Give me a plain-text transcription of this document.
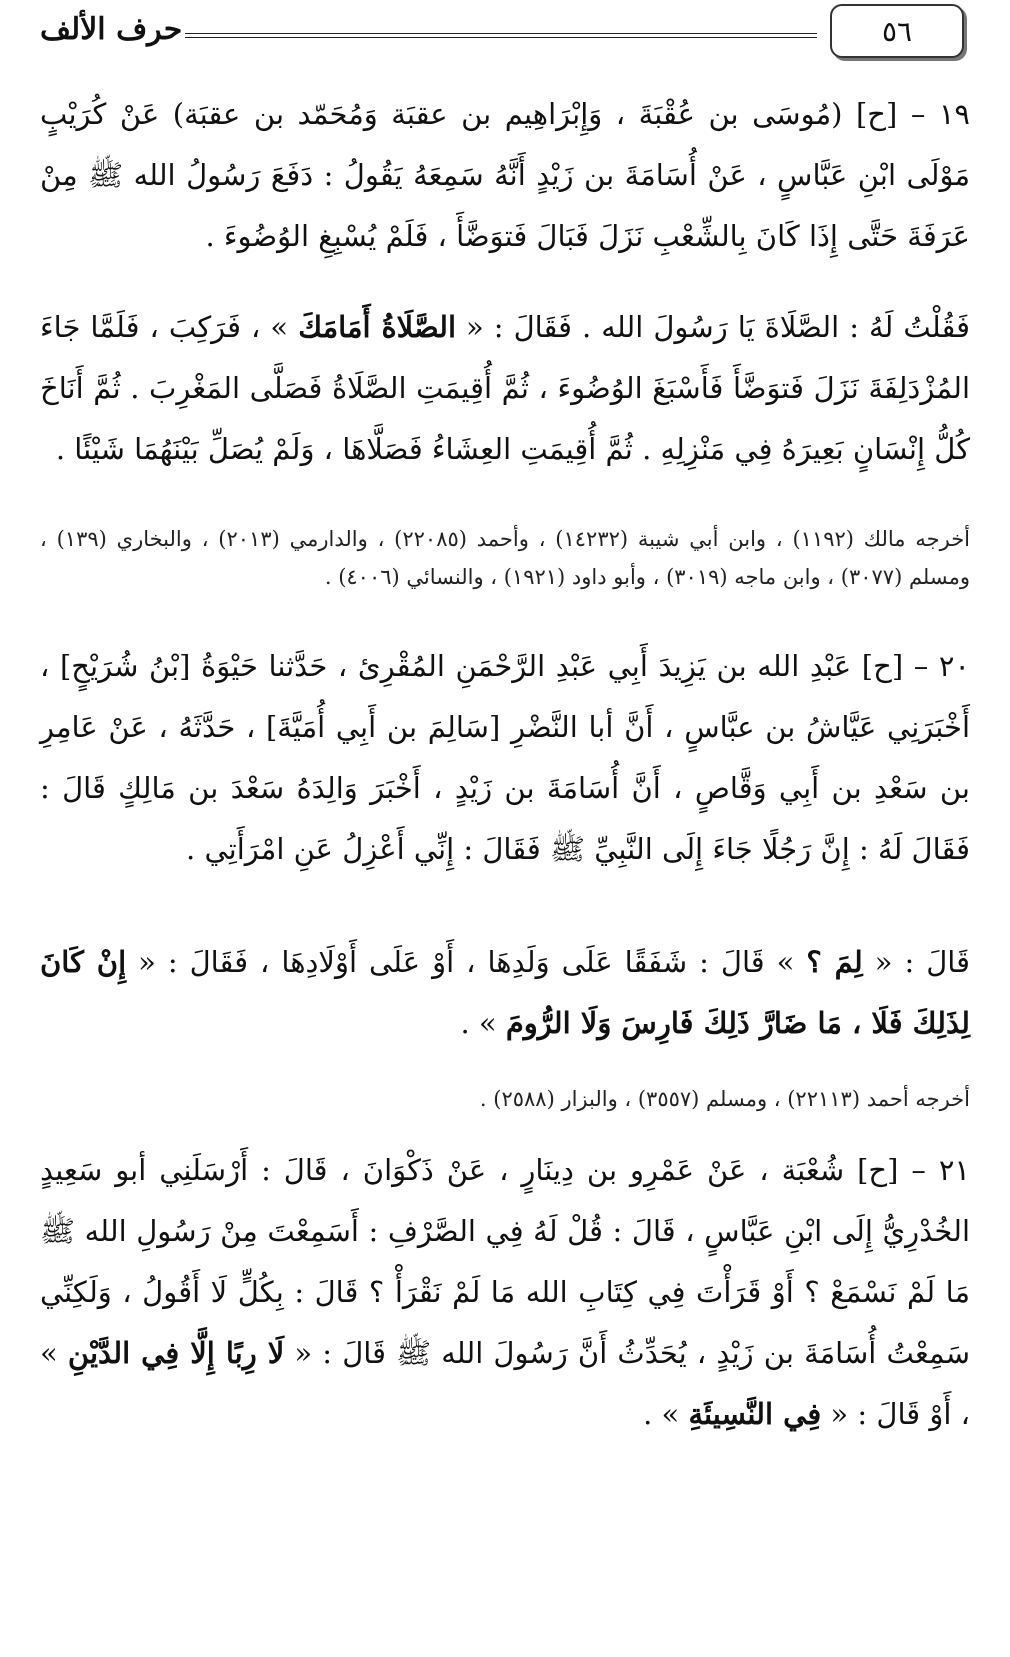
٥٦
حرف الألف
١٩ – [ح] (مُوسَى بن عُقْبَةَ ، وَإِبْرَاهِيم بن عقبَة وَمُحَمّد بن عقبَة) عَنْ كُرَيْبٍ مَوْلَى ابْنِ عَبَّاسٍ ، عَنْ أُسَامَةَ بن زَيْدٍ أَنَّهُ سَمِعَهُ يَقُولُ : دَفَعَ رَسُولُ الله ﷺ مِنْ عَرَفَةَ حَتَّى إِذَا كَانَ بِالشِّعْبِ نَزَلَ فَبَالَ فَتوَضَّأَ ، فَلَمْ يُسْبِغِ الوُضُوءَ .
فَقُلْتُ لَهُ : الصَّلَاةَ يَا رَسُولَ الله . فَقَالَ : « الصَّلَاةُ أَمَامَكَ » ، فَرَكِبَ ، فَلَمَّا جَاءَ المُزْدَلِفَةَ نَزَلَ فَتوَضَّأَ فَأَسْبَغَ الوُضُوءَ ، ثُمَّ أُقِيمَتِ الصَّلَاةُ فَصَلَّى المَغْرِبَ . ثُمَّ أَنَاخَ كُلُّ إِنْسَانٍ بَعِيرَهُ فِي مَنْزِلِهِ . ثُمَّ أُقِيمَتِ العِشَاءُ فَصَلَّاهَا ، وَلَمْ يُصَلِّ بَيْنَهُمَا شَيْئًا .
أخرجه مالك (١١٩٢) ، وابن أبي شيبة (١٤٢٣٢) ، وأحمد (٢٢٠٨٥) ، والدارمي (٢٠١٣) ، والبخاري (١٣٩) ، ومسلم (٣٠٧٧) ، وابن ماجه (٣٠١٩) ، وأبو داود (١٩٢١) ، والنسائي (٤٠٠٦) .
٢٠ – [ح] عَبْدِ الله بن يَزِيدَ أَبِي عَبْدِ الرَّحْمَنِ المُقْرِئ ، حَدَّثنا حَيْوَةُ [بْنُ شُرَيْحٍ] ، أَخْبَرَنِي عَيَّاشُ بن عبَّاسٍ ، أَنَّ أبا النَّضْرِ [سَالِمَ بن أَبِي أُمَيَّةَ] ، حَدَّثَهُ ، عَنْ عَامِرِ بن سَعْدِ بن أَبِي وَقَّاصٍ ، أَنَّ أُسَامَةَ بن زَيْدٍ ، أَخْبَرَ وَالِدَهُ سَعْدَ بن مَالِكٍ قَالَ : فَقَالَ لَهُ : إِنَّ رَجُلًا جَاءَ إِلَى النَّبِيِّ ﷺ فَقَالَ : إِنِّي أَعْزِلُ عَنِ امْرَأَتِي .
قَالَ : « لِمَ ؟ » قَالَ : شَفَقًا عَلَى وَلَدِهَا ، أَوْ عَلَى أَوْلَادِهَا ، فَقَالَ : « إِنْ كَانَ لِذَلِكَ فَلَا ، مَا ضَارَّ ذَلِكَ فَارِسَ وَلَا الرُّومَ » .
أخرجه أحمد (٢٢١١٣) ، ومسلم (٣٥٥٧) ، والبزار (٢٥٨٨) .
٢١ – [ح] شُعْبَة ، عَنْ عَمْرِو بن دِينَارٍ ، عَنْ ذَكْوَانَ ، قَالَ : أَرْسَلَنِي أبو سَعِيدٍ الخُدْرِيُّ إِلَى ابْنِ عَبَّاسٍ ، قَالَ : قُلْ لَهُ فِي الصَّرْفِ : أَسَمِعْتَ مِنْ رَسُولِ الله ﷺ مَا لَمْ نَسْمَعْ ؟ أَوْ قَرَأْتَ فِي كِتَابِ الله مَا لَمْ نَقْرَأْ ؟ قَالَ : بِكُلٍّ لَا أَقُولُ ، وَلَكِنِّي سَمِعْتُ أُسَامَةَ بن زَيْدٍ ، يُحَدِّثُ أَنَّ رَسُولَ الله ﷺ قَالَ : « لَا رِبًا إِلَّا فِي الدَّيْنِ » ، أَوْ قَالَ : « فِي النَّسِيئَةِ » .
